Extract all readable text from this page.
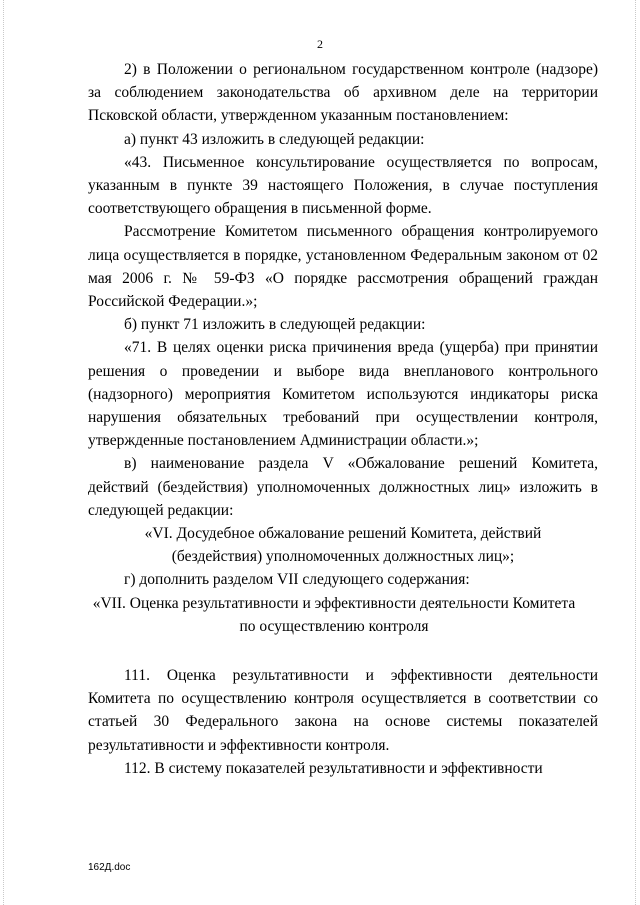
2

2) в Положении о региональном государственном контроле (надзоре) за соблюдением законодательства об архивном деле на территории Псковской области, утвержденном указанным постановлением:

а) пункт 43 изложить в следующей редакции:

«43. Письменное консультирование осуществляется по вопросам, указанным в пункте 39 настоящего Положения, в случае поступления соответствующего обращения в письменной форме.

Рассмотрение Комитетом письменного обращения контролируемого лица осуществляется в порядке, установленном Федеральным законом от 02 мая 2006 г. № 59-ФЗ «О порядке рассмотрения обращений граждан Российской Федерации.»;

б) пункт 71 изложить в следующей редакции:

«71. В целях оценки риска причинения вреда (ущерба) при принятии решения о проведении и выборе вида внепланового контрольного (надзорного) мероприятия Комитетом используются индикаторы риска нарушения обязательных требований при осуществлении контроля, утвержденные постановлением Администрации области.»;

в) наименование раздела V «Обжалование решений Комитета, действий (бездействия) уполномоченных должностных лиц» изложить в следующей редакции:

«VI. Досудебное обжалование решений Комитета, действий

(бездействия) уполномоченных должностных лиц»;

г) дополнить разделом VII следующего содержания:

«VII. Оценка результативности и эффективности деятельности Комитета

по осуществлению контроля

111. Оценка результативности и эффективности деятельности Комитета по осуществлению контроля осуществляется в соответствии со статьей 30 Федерального закона на основе системы показателей результативности и эффективности контроля.

112. В систему показателей результативности и эффективности

162Д.doc
